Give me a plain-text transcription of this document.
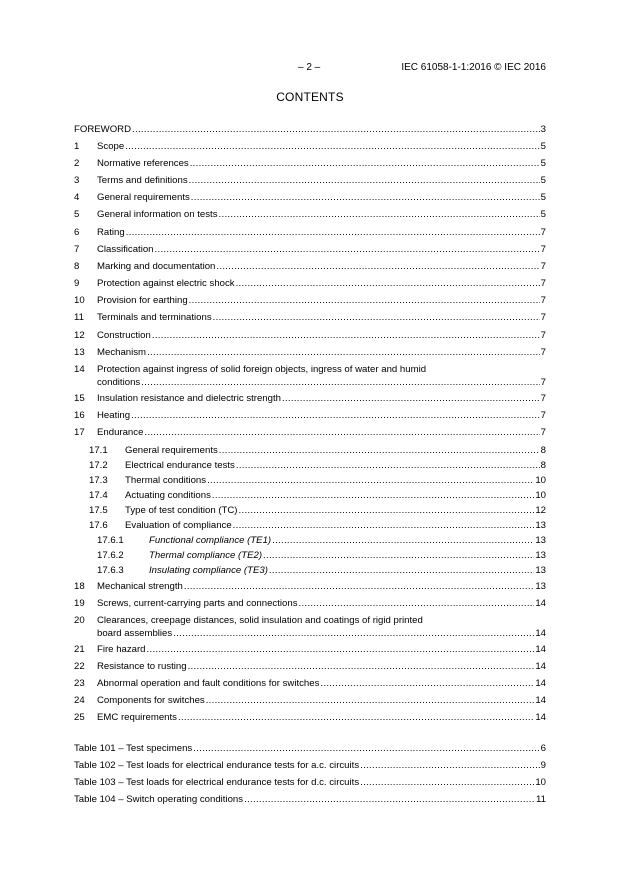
– 2 –	IEC 61058-1-1:2016 © IEC 2016
CONTENTS
FOREWORD .....	3
1	Scope .....	5
2	Normative references .....	5
3	Terms and definitions .....	5
4	General requirements .....	5
5	General information on tests .....	5
6	Rating .....	7
7	Classification .....	7
8	Marking and documentation .....	7
9	Protection against electric shock .....	7
10	Provision for earthing .....	7
11	Terminals and terminations .....	7
12	Construction .....	7
13	Mechanism .....	7
14	Protection against ingress of solid foreign objects, ingress of water and humid
conditions .....	7
15	Insulation resistance and dielectric strength .....	7
16	Heating .....	7
17	Endurance .....	7
17.1	General requirements .....	8
17.2	Electrical endurance tests .....	8
17.3	Thermal conditions .....	10
17.4	Actuating conditions .....	10
17.5	Type of test condition (TC) .....	12
17.6	Evaluation of compliance .....	13
17.6.1	Functional compliance (TE1) .....	13
17.6.2	Thermal compliance (TE2) .....	13
17.6.3	Insulating compliance (TE3) .....	13
18	Mechanical strength .....	13
19	Screws, current-carrying parts and connections .....	14
20	Clearances, creepage distances, solid insulation and coatings of rigid printed
board assemblies .....	14
21	Fire hazard .....	14
22	Resistance to rusting .....	14
23	Abnormal operation and fault conditions for switches .....	14
24	Components for switches .....	14
25	EMC requirements .....	14
Table 101 – Test specimens .....	6
Table 102 – Test loads for electrical endurance tests for a.c. circuits .....	9
Table 103 – Test loads for electrical endurance tests for d.c. circuits .....	10
Table 104 – Switch operating conditions .....	11
